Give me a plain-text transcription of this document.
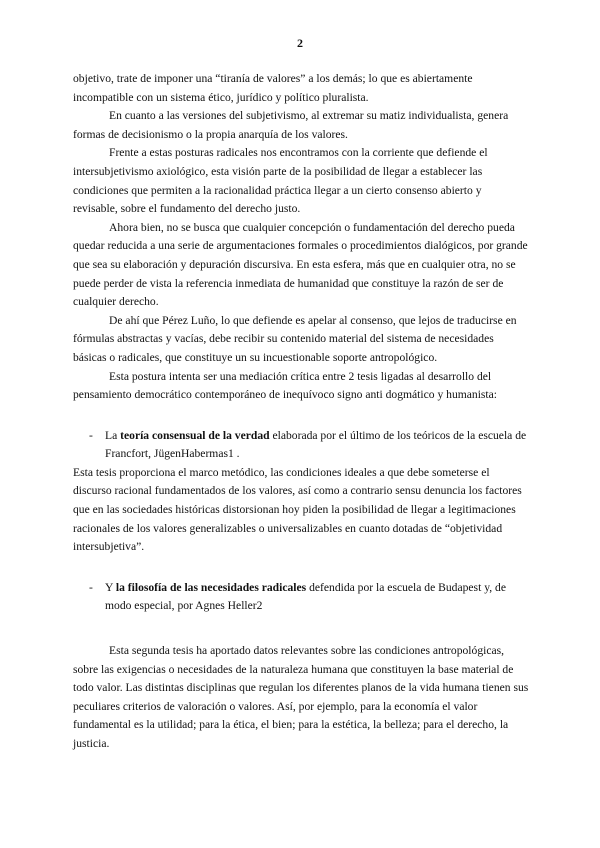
2

objetivo, trate de imponer una “tiranía de valores” a los demás; lo que es abiertamente incompatible con un sistema ético, jurídico y político pluralista.

En cuanto a las versiones del subjetivismo, al extremar su matiz individualista, genera formas de decisionismo o la propia anarquía de los valores.

Frente a estas posturas radicales nos encontramos con la corriente que defiende el intersubjetivismo axiológico, esta visión parte de la posibilidad de llegar a establecer las condiciones que permiten a la racionalidad práctica llegar a un cierto consenso abierto y revisable, sobre el fundamento del derecho justo.

Ahora bien, no se busca que cualquier concepción o fundamentación del derecho pueda quedar reducida a una serie de argumentaciones formales o procedimientos dialógicos, por grande que sea su elaboración y depuración discursiva. En esta esfera, más que en cualquier otra, no se puede perder de vista la referencia inmediata de humanidad que constituye la razón de ser de cualquier derecho.

De ahí que Pérez Luño, lo que defiende es apelar al consenso, que lejos de traducirse en fórmulas abstractas y vacías, debe recibir su contenido material del sistema de necesidades básicas o radicales, que constituye un su incuestionable soporte antropológico.

Esta postura intenta ser una mediación crítica entre 2 tesis ligadas al desarrollo del pensamiento democrático contemporáneo de inequívoco signo anti dogmático y humanista:

-	La teoría consensual de la verdad elaborada por el último de los teóricos de la escuela de Francfort, JügenHabermas1 .

Esta tesis proporciona el marco metódico, las condiciones ideales a que debe someterse el discurso racional fundamentados de los valores, así como a contrario sensu denuncia los factores que en las sociedades históricas distorsionan hoy piden la posibilidad de llegar a legitimaciones racionales de los valores generalizables o universalizables en cuanto dotadas de “objetividad intersubjetiva”.

-	Y la filosofía de las necesidades radicales defendida por la escuela de Budapest y, de modo especial, por Agnes Heller2

Esta segunda tesis ha aportado datos relevantes sobre las condiciones antropológicas, sobre las exigencias o necesidades de la naturaleza humana que constituyen la base material de todo valor. Las distintas disciplinas que regulan los diferentes planos de la vida humana tienen sus peculiares criterios de valoración o valores. Así, por ejemplo, para la economía el valor fundamental es la utilidad; para la ética, el bien; para la estética, la belleza; para el derecho, la justicia.
